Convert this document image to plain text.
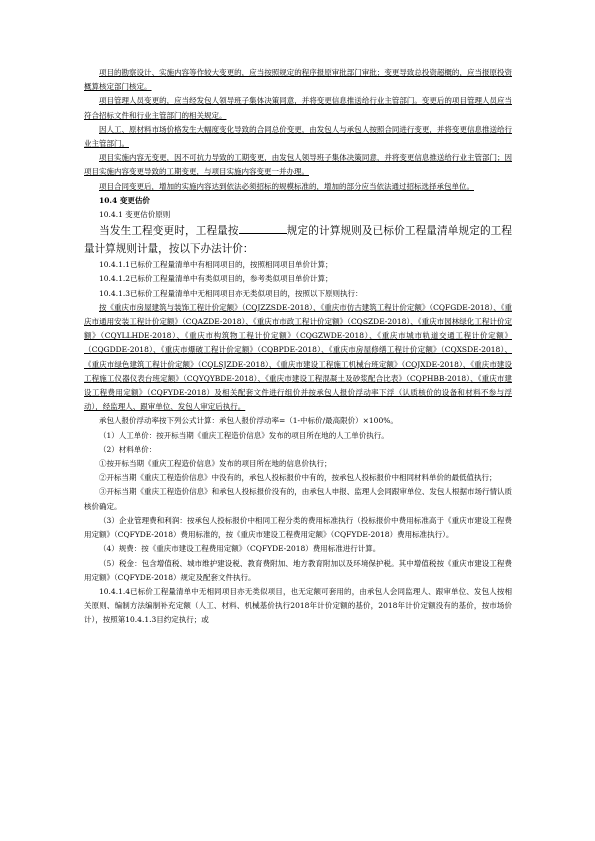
项目的勘察设计、实施内容等作较大变更的，应当按照规定的程序报原审批部门审批；变更导致总投资超概的，应当报原投资概算核定部门核定。

项目管理人员变更的，应当经发包人领导班子集体决策同意，并将变更信息推送给行业主管部门。变更后的项目管理人员应当符合招标文件和行业主管部门的相关规定。

因人工、原材料市场价格发生大幅度变化导致的合同总价变更，由发包人与承包人按照合同进行变更，并将变更信息推送给行业主管部门。

项目实施内容无变更，因不可抗力导致的工期变更，由发包人领导班子集体决策同意，并将变更信息推送给行业主管部门；因项目实施内容变更导致的工期变更，与项目实施内容变更一并办理。

项目合同变更后，增加的实施内容达到依法必须招标的规模标准的，增加的部分应当依法通过招标选择承包单位。

10.4 变更估价

10.4.1 变更估价原则

当发生工程变更时，工程量按	规定的计算规则及已标价工程量清单规定的工程量计算规则计量，按以下办法计价：

10.4.1.1已标价工程量清单中有相同项目的，按照相同项目单价计算；

10.4.1.2已标价工程量清单中有类似项目的，参考类似项目单价计算；

10.4.1.3已标价工程量清单中无相同项目亦无类似项目的，按照以下原则执行：

按《重庆市房屋建筑与装饰工程计价定额》（CQJZZSDE-2018）、《重庆市仿古建筑工程计价定额》（CQFGDE-2018）、《重庆市通用安装工程计价定额》（CQAZDE-2018）、《重庆市市政工程计价定额》（CQSZDE-2018）、《重庆市园林绿化工程计价定额》（CQYLLHDE-2018）、《重庆市构筑物工程计价定额》（CQGZWDE-2018）、《重庆市城市轨道交通工程计价定额》（CQGDDE-2018）、《重庆市爆破工程计价定额》（CQBPDE-2018）、《重庆市房屋修缮工程计价定额》（CQXSDE-2018）、《重庆市绿色建筑工程计价定额》（CQLSJZDE-2018）、《重庆市建设工程施工机械台班定额》（CQJXDE-2018）、《重庆市建设工程施工仪器仪表台班定额》（CQYQYBDE-2018）、《重庆市建设工程混凝土及砂浆配合比表》（CQPHBB-2018）、《重庆市建设工程费用定额》（CQFYDE-2018）及相关配套文件进行组价并按承包人报价浮动率下浮（认质核价的设备和材料不参与浮动），经监理人、跟审单位、发包人审定后执行。

承包人报价浮动率按下列公式计算：承包人报价浮动率=（1-中标价/最高限价）×100%。

（1）人工单价：按开标当期《重庆工程造价信息》发布的项目所在地的人工单价执行。

（2）材料单价：

①按开标当期《重庆工程造价信息》发布的项目所在地的信息价执行；

②开标当期《重庆工程造价信息》中没有的，承包人投标报价中有的，按承包人投标报价中相同材料单价的最低值执行；

③开标当期《重庆工程造价信息》和承包人投标报价没有的，由承包人申报、监理人会同跟审单位、发包人根据市场行情认质核价确定。

（3）企业管理费和利润：按承包人投标报价中相同工程分类的费用标准执行（投标报价中费用标准高于《重庆市建设工程费用定额》（CQFYDE-2018）费用标准的，按《重庆市建设工程费用定额》（CQFYDE-2018）费用标准执行）。

（4）规费：按《重庆市建设工程费用定额》（CQFYDE-2018）费用标准进行计算。

（5）税金：包含增值税、城市维护建设税、教育费附加、地方教育附加以及环境保护税。其中增值税按《重庆市建设工程费用定额》（CQFYDE-2018）规定及配套文件执行。

10.4.1.4已标价工程量清单中无相同项目亦无类似项目，也无定额可套用的，由承包人会同监理人、跟审单位、发包人按相关原则、编制方法编制补充定额（人工、材料、机械基价执行2018年计价定额的基价，2018年计价定额没有的基价，按市场价计），按照第10.4.1.3目约定执行；或
